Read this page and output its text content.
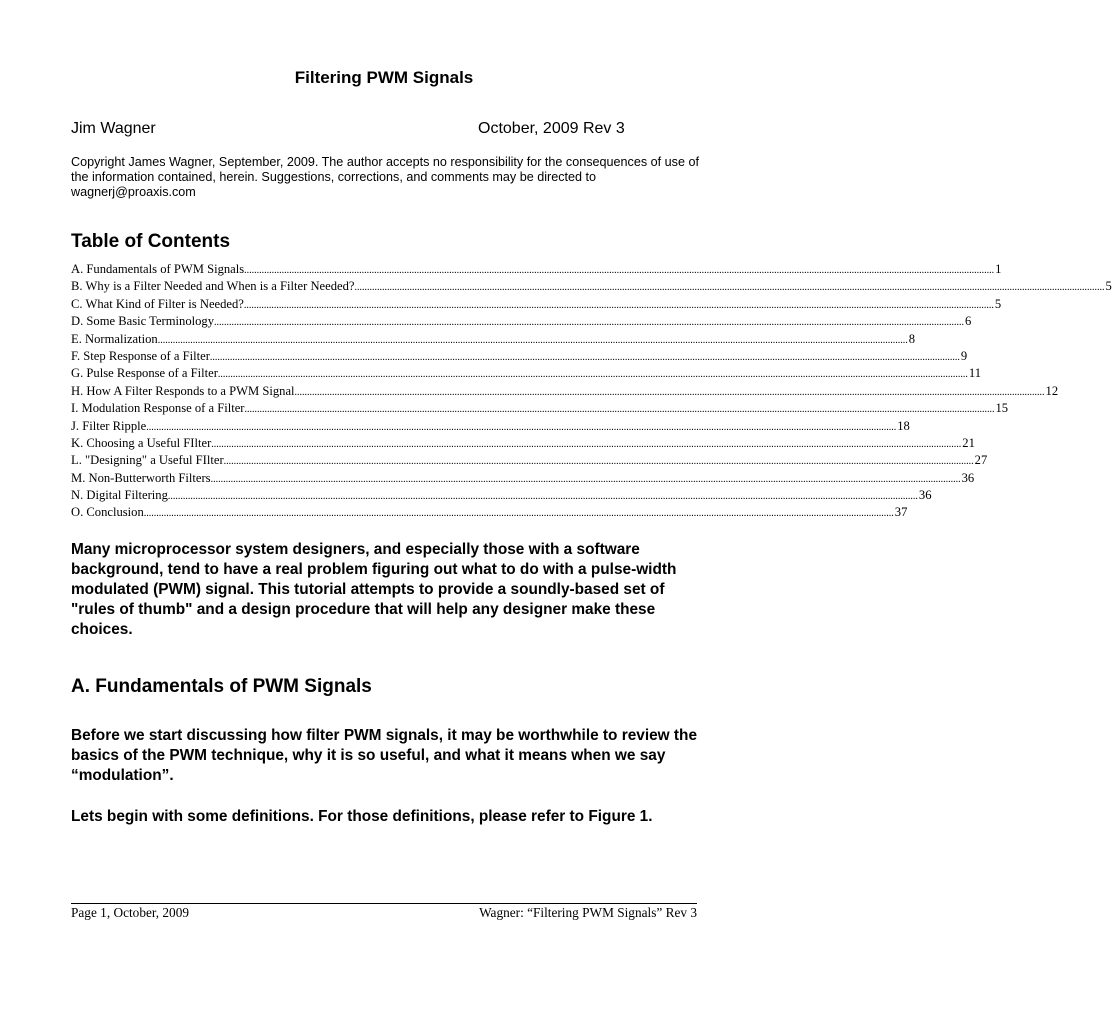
Filtering PWM Signals
Jim Wagner	October, 2009 Rev 3
Copyright James Wagner, September, 2009. The author accepts no responsibility for the consequences of use of the information contained, herein. Suggestions, corrections, and comments may be directed to wagnerj@proaxis.com
Table of Contents
A. Fundamentals of PWM Signals ............................................................................................................................................................................................................................................................................................................ 1
B. Why is a Filter Needed and When is a Filter Needed? ............................................................................................................................................................................................................................................................................................................ 5
C. What Kind of Filter is Needed? ............................................................................................................................................................................................................................................................................................................ 5
D. Some Basic Terminology ............................................................................................................................................................................................................................................................................................................ 6
E. Normalization ............................................................................................................................................................................................................................................................................................................ 8
F. Step Response of a Filter ............................................................................................................................................................................................................................................................................................................ 9
G. Pulse Response of a Filter ............................................................................................................................................................................................................................................................................................................ 11
H. How A Filter Responds to a PWM Signal ............................................................................................................................................................................................................................................................................................................ 12
I. Modulation Response of a Filter ............................................................................................................................................................................................................................................................................................................ 15
J. Filter Ripple ............................................................................................................................................................................................................................................................................................................ 18
K. Choosing a Useful FIlter ............................................................................................................................................................................................................................................................................................................ 21
L. "Designing" a Useful FIlter ............................................................................................................................................................................................................................................................................................................ 27
M. Non-Butterworth Filters ............................................................................................................................................................................................................................................................................................................ 36
N. Digital Filtering ............................................................................................................................................................................................................................................................................................................ 36
O. Conclusion ............................................................................................................................................................................................................................................................................................................ 37

Many microprocessor system designers, and especially those with a software background, tend to have a real problem figuring out what to do with a pulse-width modulated (PWM) signal. This tutorial attempts to provide a soundly-based set of "rules of thumb" and a design procedure that will help any designer make these choices.

A. Fundamentals of PWM Signals

Before we start discussing how filter PWM signals, it may be worthwhile to review the basics of the PWM technique, why it is so useful, and what it means when we say “modulation”.

Lets begin with some definitions. For those definitions, please refer to Figure 1.

Page 1, October, 2009	Wagner: “Filtering PWM Signals” Rev 3
